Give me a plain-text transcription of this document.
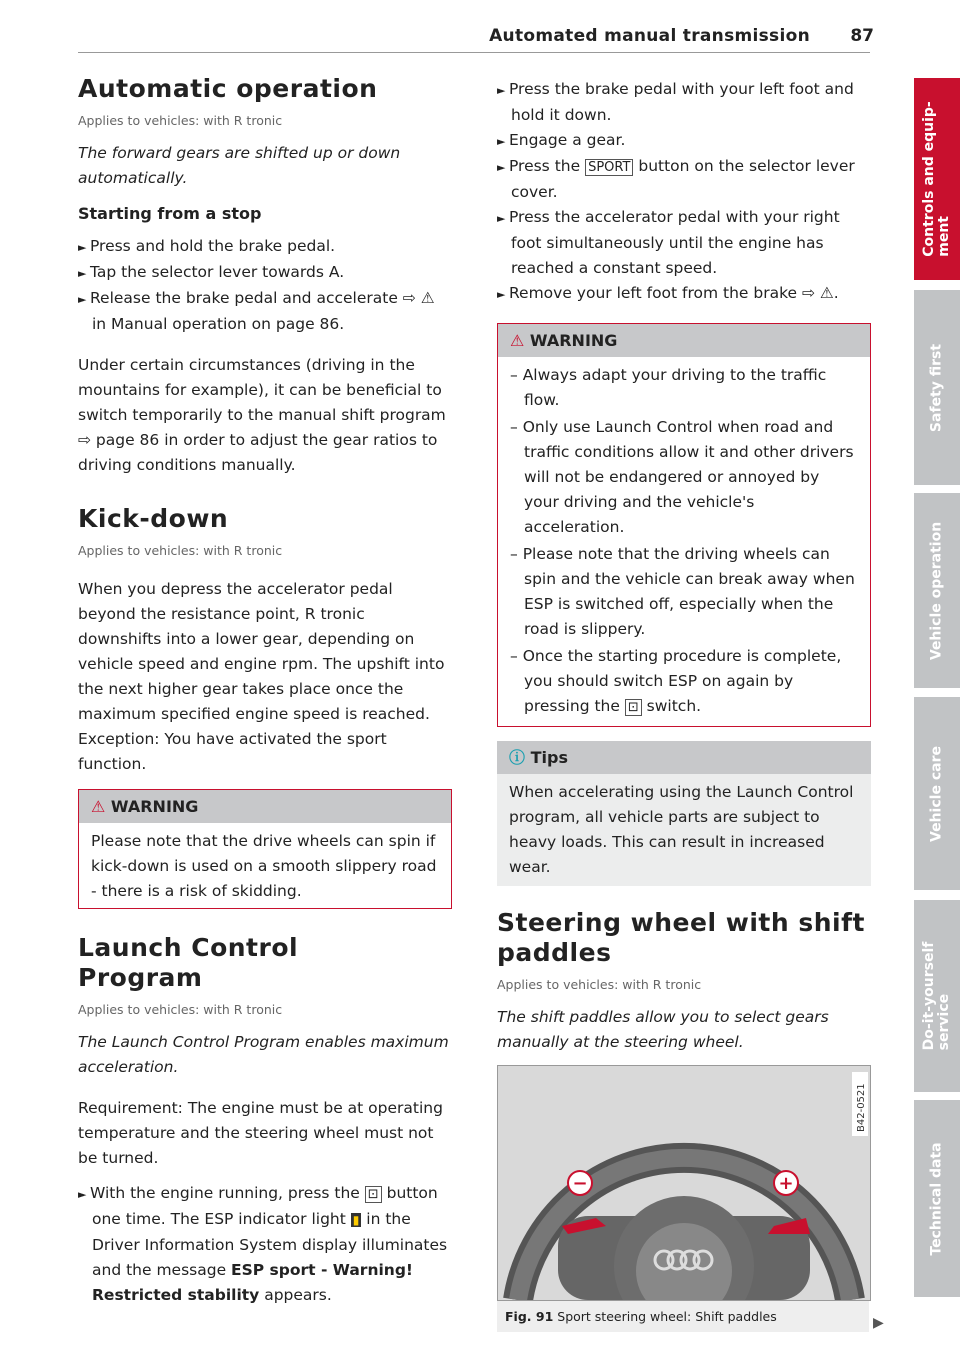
Automated manual transmission 87
Automatic operation
Applies to vehicles: with R tronic

The forward gears are shifted up or down automatically.

Starting from a stop

► Press and hold the brake pedal.

► Tap the selector lever towards A.

► Release the brake pedal and accelerate ⇨ ⚠ in Manual operation on page 86.

Under certain circumstances (driving in the mountains for example), it can be beneficial to switch temporarily to the manual shift program ⇨ page 86 in order to adjust the gear ratios to driving conditions manually.

Kick-down
Applies to vehicles: with R tronic

When you depress the accelerator pedal beyond the resistance point, R tronic downshifts into a lower gear, depending on vehicle speed and engine rpm. The upshift into the next higher gear takes place once the maximum specified engine speed is reached. Exception: You have activated the sport function.

⚠ WARNING
Please note that the drive wheels can spin if kick-down is used on a smooth slippery road - there is a risk of skidding.
Launch Control Program
Applies to vehicles: with R tronic

The Launch Control Program enables maximum acceleration.

Requirement: The engine must be at operating temperature and the steering wheel must not be turned.

► With the engine running, press the ⊡ button one time. The ESP indicator light ▮ in the Driver Information System display illuminates and the message ESP sport - Warning! Restricted stability appears.

► Press the brake pedal with your left foot and hold it down.

► Engage a gear.

► Press the SPORT button on the selector lever cover.

► Press the accelerator pedal with your right foot simultaneously until the engine has reached a constant speed.

► Remove your left foot from the brake ⇨ ⚠.

⚠ WARNING

– Always adapt your driving to the traffic flow.

– Only use Launch Control when road and traffic conditions allow it and other drivers will not be endangered or annoyed by your driving and the vehicle's acceleration.

– Please note that the driving wheels can spin and the vehicle can break away when ESP is switched off, especially when the road is slippery.

– Once the starting procedure is complete, you should switch ESP on again by pressing the ⊡ switch.

ⓘ Tips
When accelerating using the Launch Control program, all vehicle parts are subject to heavy loads. This can result in increased wear.
Steering wheel with shift paddles
Applies to vehicles: with R tronic

The shift paddles allow you to select gears manually at the steering wheel.

−	+
B42-0521
Fig. 91 Sport steering wheel: Shift paddles	▶
Controls and equip-
ment
Safety first
Vehicle operation
Vehicle care
Do-it-yourself
service
Technical data
